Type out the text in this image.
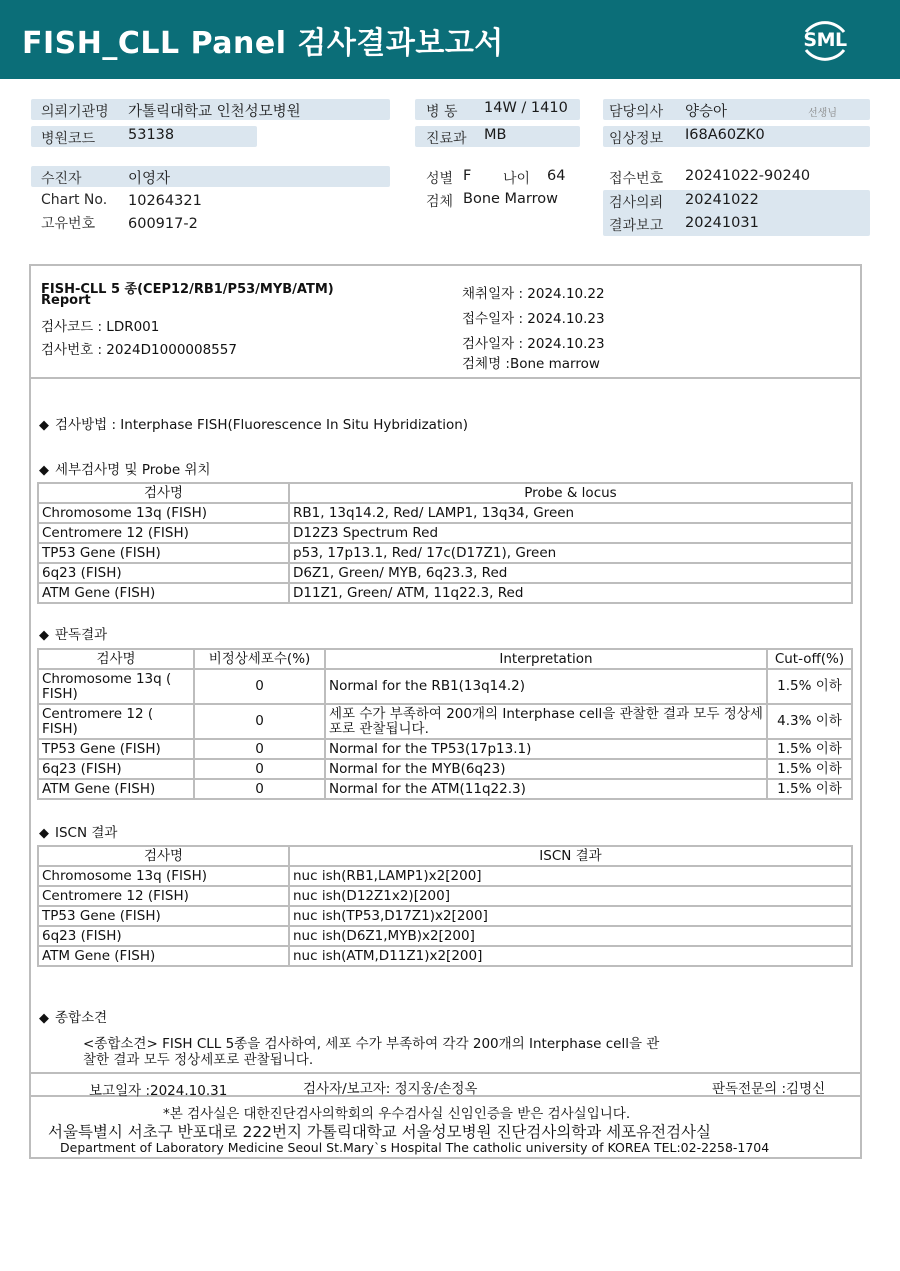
FISH_CLL Panel 검사결과보고서	SML
의뢰기관명 가톨릭대학교 인천성모병원
병원코드 53138
병 동 14W / 1410
진료과 MB
담당의사 양승아	선생님
임상정보 I68A60ZK0
수진자	이영자
Chart No. 10264321
고유번호 600917-2
성별 F 나이 64
검체 Bone Marrow
접수번호 20241022-90240
검사의뢰 20241022
결과보고 20241031
FISH-CLL 5 종(CEP12/RB1/P53/MYB/ATM)
Report
검사코드 : LDR001
검사번호 : 2024D1000008557
채취일자 : 2024.10.22
접수일자 : 2024.10.23
검사일자 : 2024.10.23
검체명 :Bone marrow
◆ 검사방법 : Interphase FISH(Fluorescence In Situ Hybridization)
◆ 세부검사명 및 Probe 위치
검사명	Probe & locus
Chromosome 13q (FISH)	RB1, 13q14.2, Red/ LAMP1, 13q34, Green
Centromere 12 (FISH)	D12Z3 Spectrum Red
TP53 Gene (FISH)	p53, 17p13.1, Red/ 17c(D17Z1), Green
6q23 (FISH)	D6Z1, Green/ MYB, 6q23.3, Red
ATM Gene (FISH)	D11Z1, Green/ ATM, 11q22.3, Red
◆ 판독결과
검사명	비정상세포수(%)	Interpretation	Cut-off(%)
Chromosome 13q ( FISH)	0	Normal for the RB1(13q14.2)	1.5% 이하
Centromere 12 ( FISH)	0	세포 수가 부족하여 200개의 Interphase cell을 관찰한 결과 모두 정상세포로 관찰됩니다.	4.3% 이하
TP53 Gene (FISH)	0	Normal for the TP53(17p13.1)	1.5% 이하
6q23 (FISH)	0	Normal for the MYB(6q23)	1.5% 이하
ATM Gene (FISH)	0	Normal for the ATM(11q22.3)	1.5% 이하
◆ ISCN 결과
검사명	ISCN 결과
Chromosome 13q (FISH)	nuc ish(RB1,LAMP1)x2[200]
Centromere 12 (FISH)	nuc ish(D12Z1x2)[200]
TP53 Gene (FISH)	nuc ish(TP53,D17Z1)x2[200]
6q23 (FISH)	nuc ish(D6Z1,MYB)x2[200]
ATM Gene (FISH)	nuc ish(ATM,D11Z1)x2[200]
◆ 종합소견
<종합소견> FISH CLL 5종을 검사하여, 세포 수가 부족하여 각각 200개의 Interphase cell을 관
찰한 결과 모두 정상세포로 관찰됩니다.
보고일자 :2024.10.31	검사자/보고자: 정지웅/손정옥	판독전문의 :김명신
*본 검사실은 대한진단검사의학회의 우수검사실 신임인증을 받은 검사실입니다.
서울특별시 서초구 반포대로 222번지 가톨릭대학교 서울성모병원 진단검사의학과 세포유전검사실
Department of Laboratory Medicine Seoul St.Mary`s Hospital The catholic university of KOREA TEL:02-2258-1704
